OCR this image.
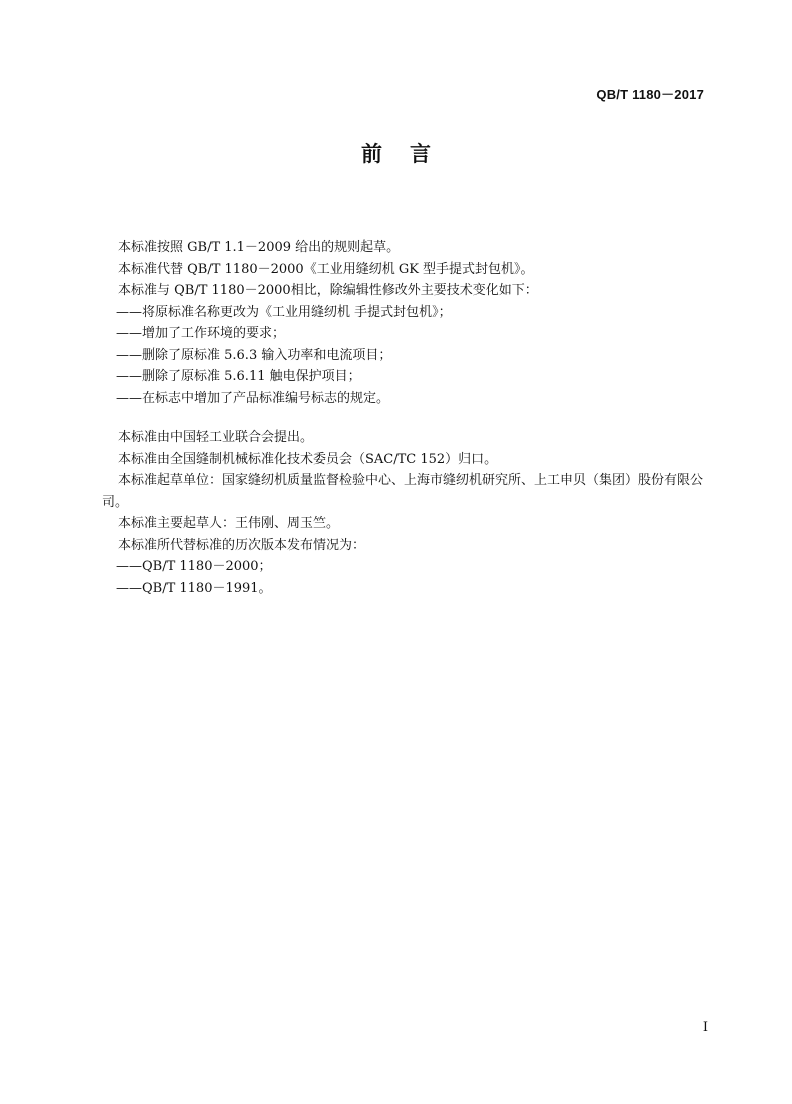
QB/T 1180－2017
前言

本标准按照 GB/T 1.1－2009 给出的规则起草。

本标准代替 QB/T 1180－2000《工业用缝纫机 GK 型手提式封包机》。

本标准与 QB/T 1180－2000相比，除编辑性修改外主要技术变化如下：

——将原标准名称更改为《工业用缝纫机 手提式封包机》；

——增加了工作环境的要求；

——删除了原标准 5.6.3 输入功率和电流项目；

——删除了原标准 5.6.11 触电保护项目；

——在标志中增加了产品标准编号标志的规定。

本标准由中国轻工业联合会提出。

本标准由全国缝制机械标准化技术委员会（SAC/TC 152）归口。

本标准起草单位：国家缝纫机质量监督检验中心、上海市缝纫机研究所、上工申贝（集团）股份有限公司。

本标准主要起草人：王伟刚、周玉竺。

本标准所代替标准的历次版本发布情况为：

——QB/T 1180－2000；

——QB/T 1180－1991。

I
